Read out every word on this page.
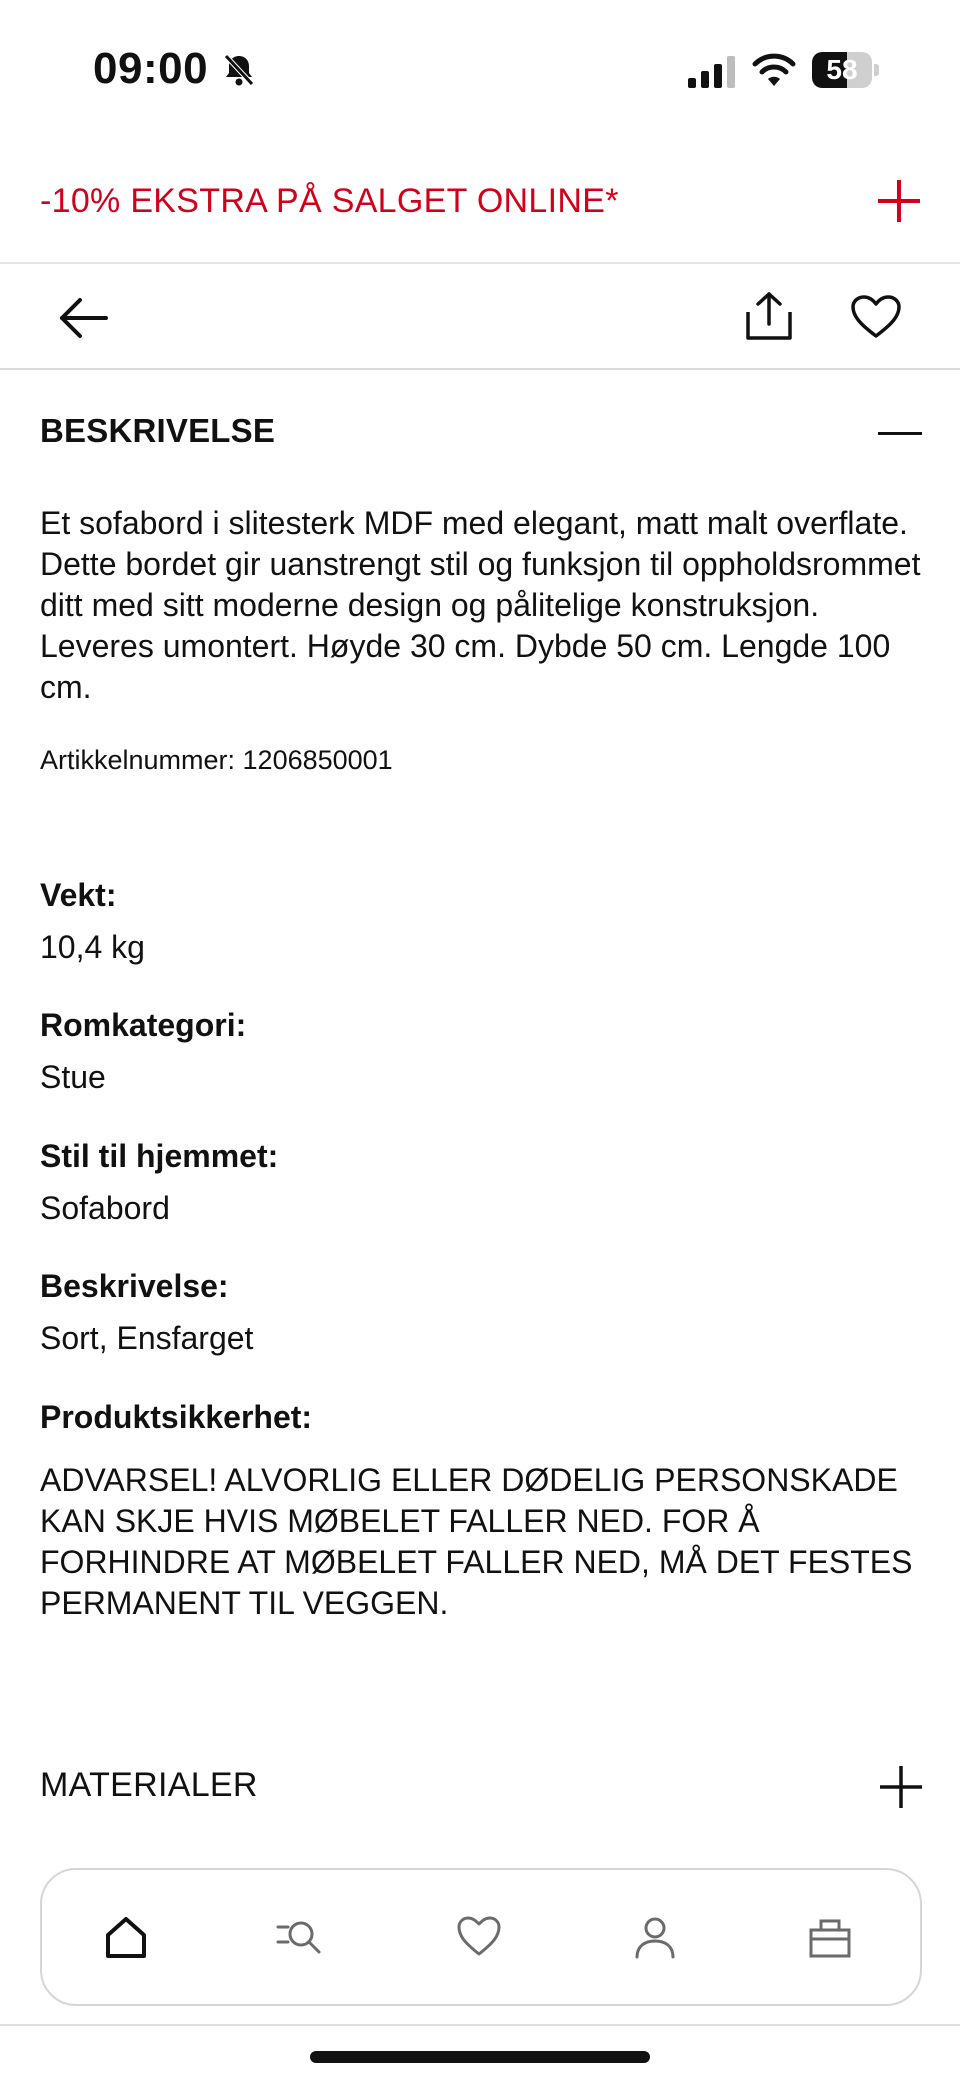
09:00	58
-10% EKSTRA PÅ SALGET ONLINE*
BESKRIVELSE
Et sofabord i slitesterk MDF med elegant, matt malt overflate. Dette bordet gir uanstrengt stil og funksjon til oppholdsrommet ditt med sitt moderne design og pålitelige konstruksjon. Leveres umontert. Høyde 30 cm. Dybde 50 cm. Lengde 100 cm.
Artikkelnummer: 1206850001
Vekt:
10,4 kg
Romkategori:
Stue
Stil til hjemmet:
Sofabord
Beskrivelse:
Sort, Ensfarget
Produktsikkerhet:
ADVARSEL! ALVORLIG ELLER DØDELIG PERSONSKADE KAN SKJE HVIS MØBELET FALLER NED. FOR Å FORHINDRE AT MØBELET FALLER NED, MÅ DET FESTES PERMANENT TIL VEGGEN.
MATERIALER
